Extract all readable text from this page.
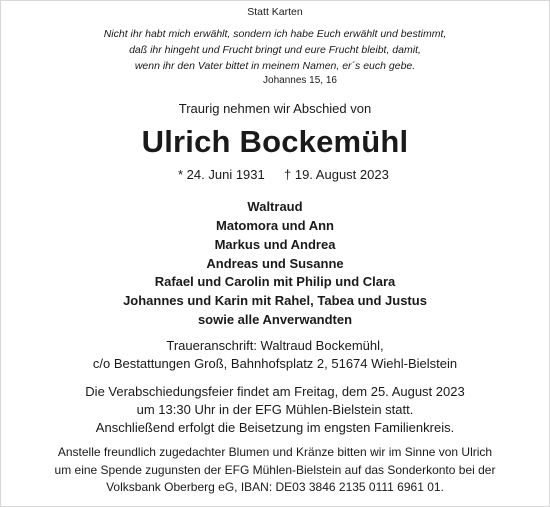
Statt Karten
Nicht ihr habt mich erwählt, sondern ich habe Euch erwählt und bestimmt,
daß ihr hingeht und Frucht bringt und eure Frucht bleibt, damit,
wenn ihr den Vater bittet in meinem Namen, er´s euch gebe.
Johannes 15, 16
Traurig nehmen wir Abschied von
Ulrich Bockemühl
* 24. Juni 1931 † 19. August 2023
Waltraud
Matomora und Ann
Markus und Andrea
Andreas und Susanne
Rafael und Carolin mit Philip und Clara
Johannes und Karin mit Rahel, Tabea und Justus
sowie alle Anverwandten
Traueranschrift: Waltraud Bockemühl,
c/o Bestattungen Groß, Bahnhofsplatz 2, 51674 Wiehl-Bielstein
Die Verabschiedungsfeier findet am Freitag, dem 25. August 2023
um 13:30 Uhr in der EFG Mühlen-Bielstein statt.
Anschließend erfolgt die Beisetzung im engsten Familienkreis.
Anstelle freundlich zugedachter Blumen und Kränze bitten wir im Sinne von Ulrich
um eine Spende zugunsten der EFG Mühlen-Bielstein auf das Sonderkonto bei der
Volksbank Oberberg eG, IBAN: DE03 3846 2135 0111 6961 01.
